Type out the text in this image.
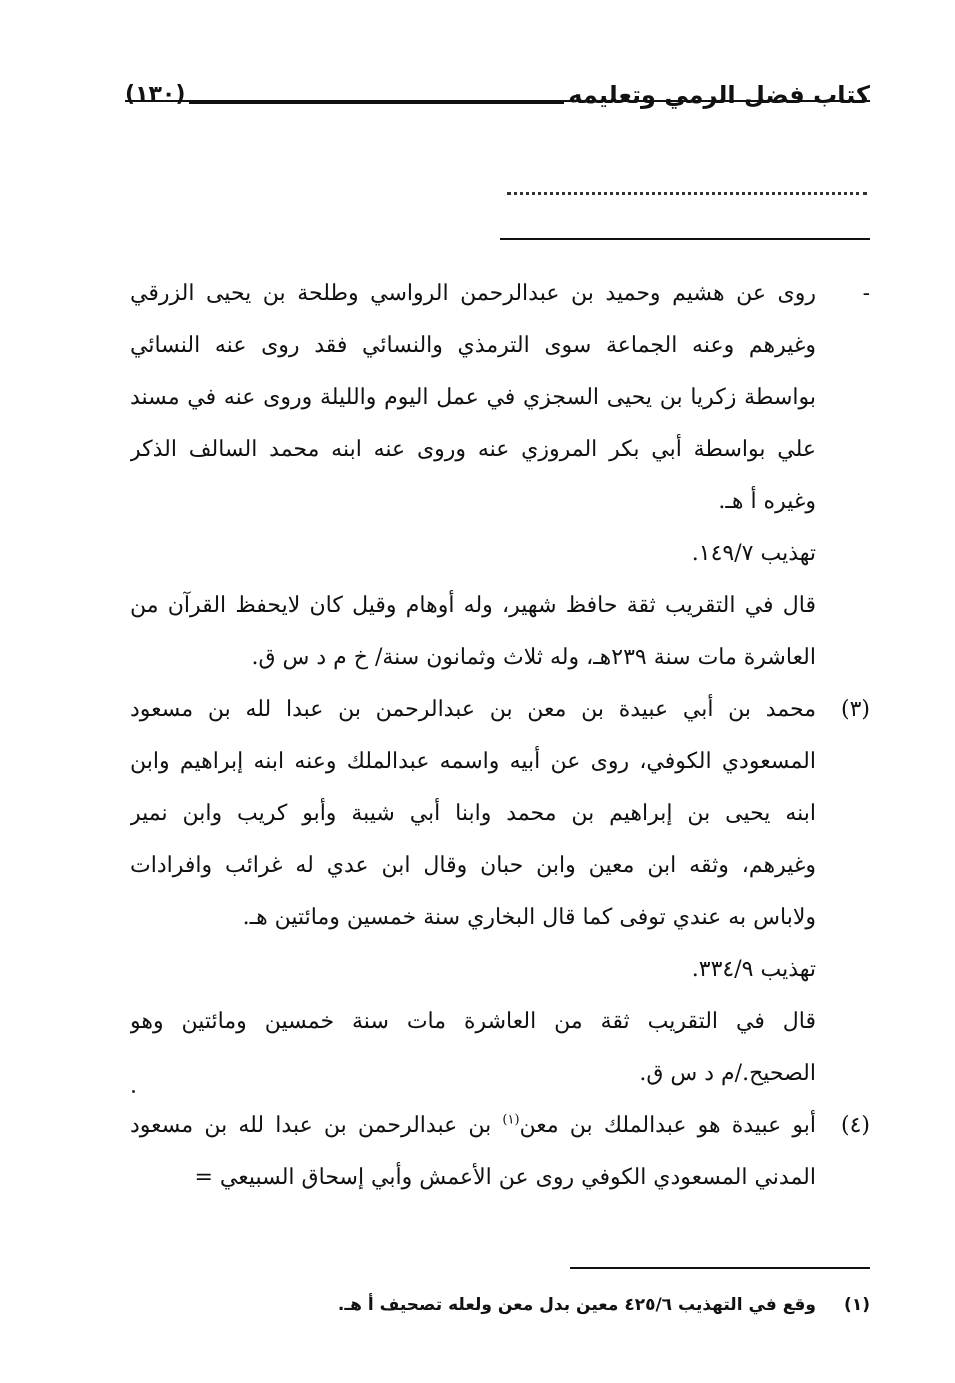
كتاب فضل الرمي وتعليمه
(١٣٠)
-
روى عن هشيم وحميد بن عبدالرحمن الرواسي وطلحة بن يحيى الزرقي
وغيرهم وعنه الجماعة سوى الترمذي والنسائي فقد روى عنه النسائي
بواسطة زكريا بن يحيى السجزي في عمل اليوم والليلة وروى عنه في مسند
علي بواسطة أبي بكر المروزي عنه وروى عنه ابنه محمد السالف الذكر
وغيره أ هـ.
تهذيب ١٤٩/٧.
قال في التقريب ثقة حافظ شهير، وله أوهام وقيل كان لايحفظ القرآن من
العاشرة مات سنة ٢٣٩هـ، وله ثلاث وثمانون سنة/ خ م د س ق.
(٣)
محمد بن أبي عبيدة بن معن بن عبدالرحمن بن عبدا لله بن مسعود
المسعودي الكوفي، روى عن أبيه واسمه عبدالملك وعنه ابنه إبراهيم وابن
ابنه يحيى بن إبراهيم بن محمد وابنا أبي شيبة وأبو كريب وابن نمير
وغيرهم، وثقه ابن معين وابن حبان وقال ابن عدي له غرائب وافرادات
ولاباس به عندي توفى كما قال البخاري سنة خمسين ومائتين هـ.
تهذيب ٣٣٤/٩.
قال في التقريب ثقة من العاشرة مات سنة خمسين ومائتين وهو
الصحيح./م د س ق.
(٤)
أبو عبيدة هو عبدالملك بن معن$^{(١)}$ بن عبدالرحمن بن عبدا لله بن مسعود
المدني المسعودي الكوفي روى عن الأعمش وأبي إسحاق السبيعي =
(١)
وقع في التهذيب ٤٢٥/٦ معين بدل معن ولعله تصحيف أ هـ.
